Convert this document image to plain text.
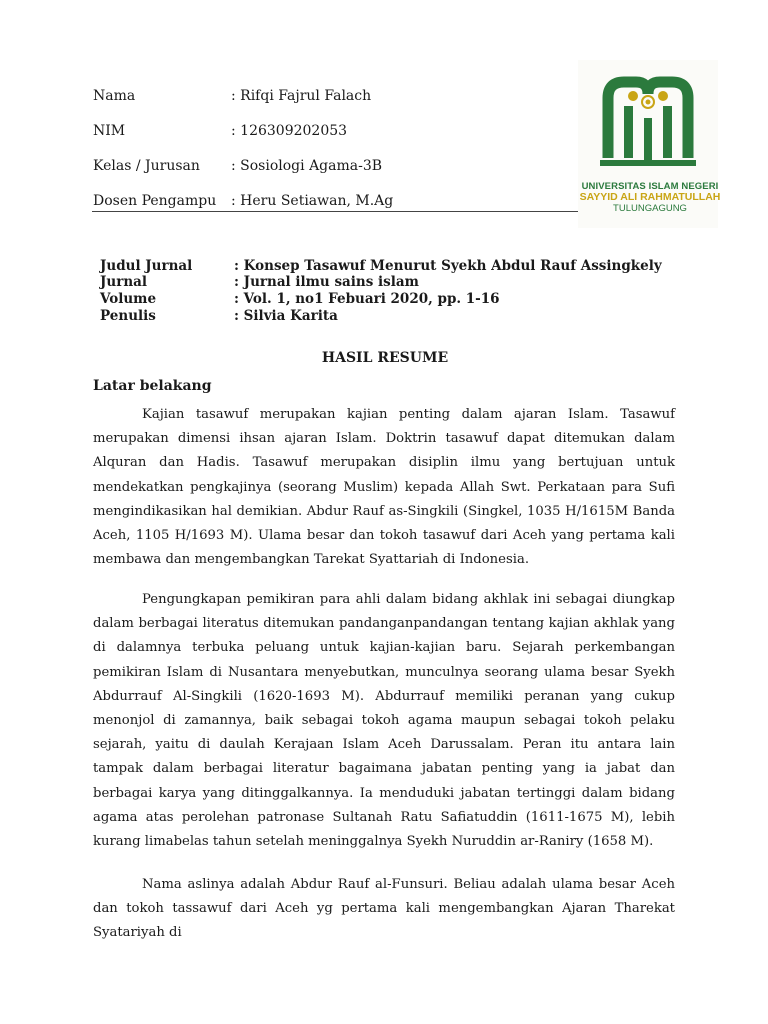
Nama	: Rifqi Fajrul Falach
NIM	: 126309202053
Kelas / Jurusan : Sosiologi Agama-3B
Dosen Pengampu : Heru Setiawan, M.Ag
UNIVERSITAS ISLAM NEGERI
SAYYID ALI RAHMATULLAH
TULUNGAGUNG
Judul Jurnal	: Konsep Tasawuf Menurut Syekh Abdul Rauf Assingkely
Jurnal	: Jurnal ilmu sains islam
Volume	: Vol. 1, no1 Febuari 2020, pp. 1-16
Penulis	: Silvia Karita
HASIL RESUME
Latar belakang

Kajian tasawuf merupakan kajian penting dalam ajaran Islam. Tasawuf merupakan dimensi ihsan ajaran Islam. Doktrin tasawuf dapat ditemukan dalam Alquran dan Hadis. Tasawuf merupakan disiplin ilmu yang bertujuan untuk mendekatkan pengkajinya (seorang Muslim) kepada Allah Swt. Perkataan para Sufi mengindikasikan hal demikian. Abdur Rauf as-Singkili (Singkel, 1035 H/1615M Banda Aceh, 1105 H/1693 M). Ulama besar dan tokoh tasawuf dari Aceh yang pertama kali membawa dan mengembangkan Tarekat Syattariah di Indonesia.

Pengungkapan pemikiran para ahli dalam bidang akhlak ini sebagai diungkap dalam berbagai literatus ditemukan pandanganpandangan tentang kajian akhlak yang di dalamnya terbuka peluang untuk kajian-kajian baru. Sejarah perkembangan pemikiran Islam di Nusantara menyebutkan, munculnya seorang ulama besar Syekh Abdurrauf Al-Singkili (1620-1693 M). Abdurrauf memiliki peranan yang cukup menonjol di zamannya, baik sebagai tokoh agama maupun sebagai tokoh pelaku sejarah, yaitu di daulah Kerajaan Islam Aceh Darussalam. Peran itu antara lain tampak dalam berbagai literatur bagaimana jabatan penting yang ia jabat dan berbagai karya yang ditinggalkannya. Ia menduduki jabatan tertinggi dalam bidang agama atas perolehan patronase Sultanah Ratu Safiatuddin (1611-1675 M), lebih kurang limabelas tahun setelah meninggalnya Syekh Nuruddin ar-Raniry (1658 M).

Nama aslinya adalah Abdur Rauf al-Funsuri. Beliau adalah ulama besar Aceh dan tokoh tassawuf dari Aceh yg pertama kali mengembangkan Ajaran Tharekat Syatariyah di
